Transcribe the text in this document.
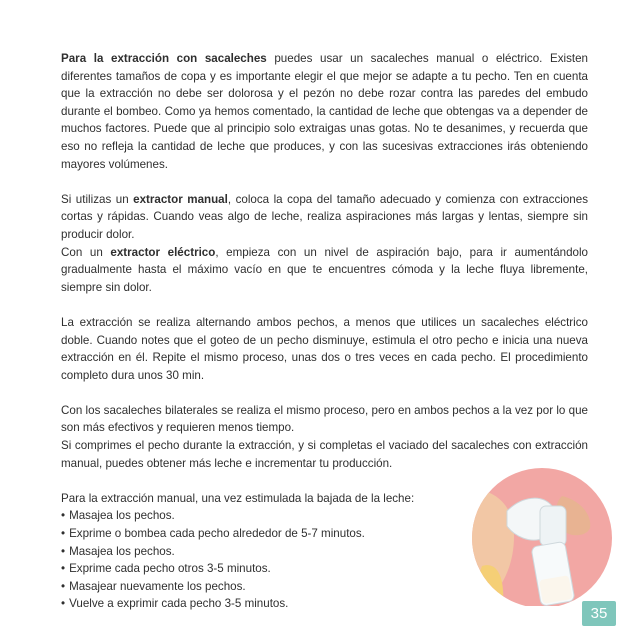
Para la extracción con sacaleches puedes usar un sacaleches manual o eléctrico. Existen diferentes tamaños de copa y es importante elegir el que mejor se adapte a tu pecho. Ten en cuenta que la extracción no debe ser dolorosa y el pezón no debe rozar contra las paredes del embudo durante el bombeo. Como ya hemos comentado, la cantidad de leche que obtengas va a depender de muchos factores. Puede que al principio solo extraigas unas gotas. No te desanimes, y recuerda que eso no refleja la cantidad de leche que produces, y con las sucesivas extracciones irás obteniendo mayores volúmenes.

Si utilizas un extractor manual, coloca la copa del tamaño adecuado y comienza con extracciones cortas y rápidas. Cuando veas algo de leche, realiza aspiraciones más largas y lentas, siempre sin producir dolor.

Con un extractor eléctrico, empieza con un nivel de aspiración bajo, para ir aumentándolo gradualmente hasta el máximo vacío en que te encuentres cómoda y la leche fluya libremente, siempre sin dolor.

La extracción se realiza alternando ambos pechos, a menos que utilices un sacaleches eléctrico doble. Cuando notes que el goteo de un pecho disminuye, estimula el otro pecho e inicia una nueva extracción en él. Repite el mismo proceso, unas dos o tres veces en cada pecho. El procedimiento completo dura unos 30 min.

Con los sacaleches bilaterales se realiza el mismo proceso, pero en ambos pechos a la vez por lo que son más efectivos y requieren menos tiempo.

Si comprimes el pecho durante la extracción, y si completas el vaciado del sacaleches con extracción manual, puedes obtener más leche e incrementar tu producción.

Para la extracción manual, una vez estimulada la bajada de la leche:

• Masajea los pechos.
• Exprime o bombea cada pecho alrededor de 5-7 minutos.
• Masajea los pechos.
• Exprime cada pecho otros 3-5 minutos.
• Masajear nuevamente los pechos.
• Vuelve a exprimir cada pecho 3-5 minutos.
35
